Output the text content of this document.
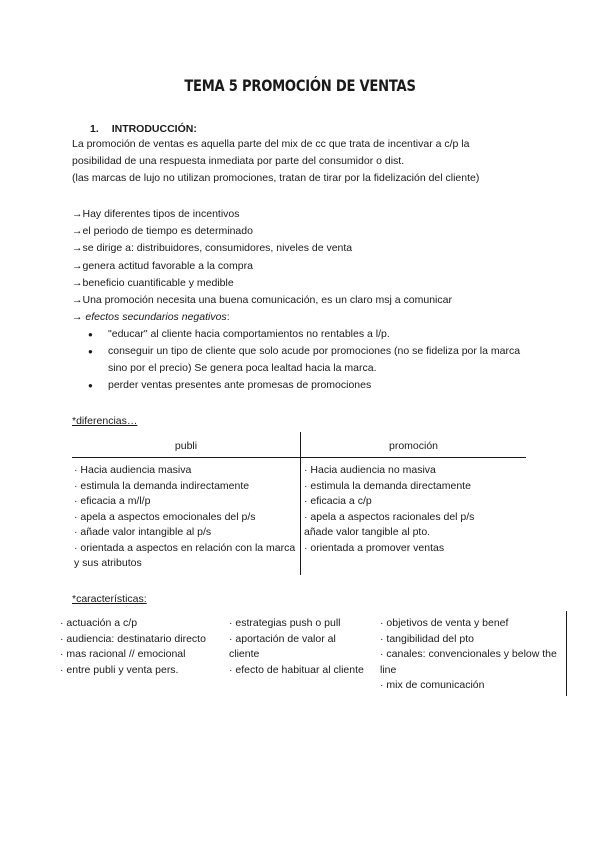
TEMA 5 PROMOCIÓN DE VENTAS
1. INTRODUCCIÓN:
La promoción de ventas es aquella parte del mix de cc que trata de incentivar a c/p la
posibilidad de una respuesta inmediata por parte del consumidor o dist.
(las marcas de lujo no utilizan promociones, tratan de tirar por la fidelización del cliente)
→Hay diferentes tipos de incentivos
→el periodo de tiempo es determinado
→se dirige a: distribuidores, consumidores, niveles de venta
→genera actitud favorable a la compra
→beneficio cuantificable y medible
→Una promoción necesita una buena comunicación, es un claro msj a comunicar
→ efectos secundarios negativos:
● "educar" al cliente hacia comportamientos no rentables a l/p.
● conseguir un tipo de cliente que solo acude por promociones (no se fideliza por la marca sino por el precio) Se genera poca lealtad hacia la marca.
● perder ventas presentes ante promesas de promociones
*diferencias…
publi	promoción
· Hacia audiencia masiva
· estimula la demanda indirectamente
· eficacia a m/l/p
· apela a aspectos emocionales del p/s
· añade valor intangible al p/s
· orientada a aspectos en relación con la marca y sus atributos
· Hacia audiencia no masiva
· estimula la demanda directamente
· eficacia a c/p
· apela a aspectos racionales del p/s añade valor tangible al pto.
· orientada a promover ventas
*características:
· actuación a c/p
· audiencia: destinatario directo
· mas racional // emocional
· entre publi y venta pers.
· estrategias push o pull
· aportación de valor al cliente
· efecto de habituar al cliente
· objetivos de venta y benef
· tangibilidad del pto
· canales: convencionales y below the line
· mix de comunicación
